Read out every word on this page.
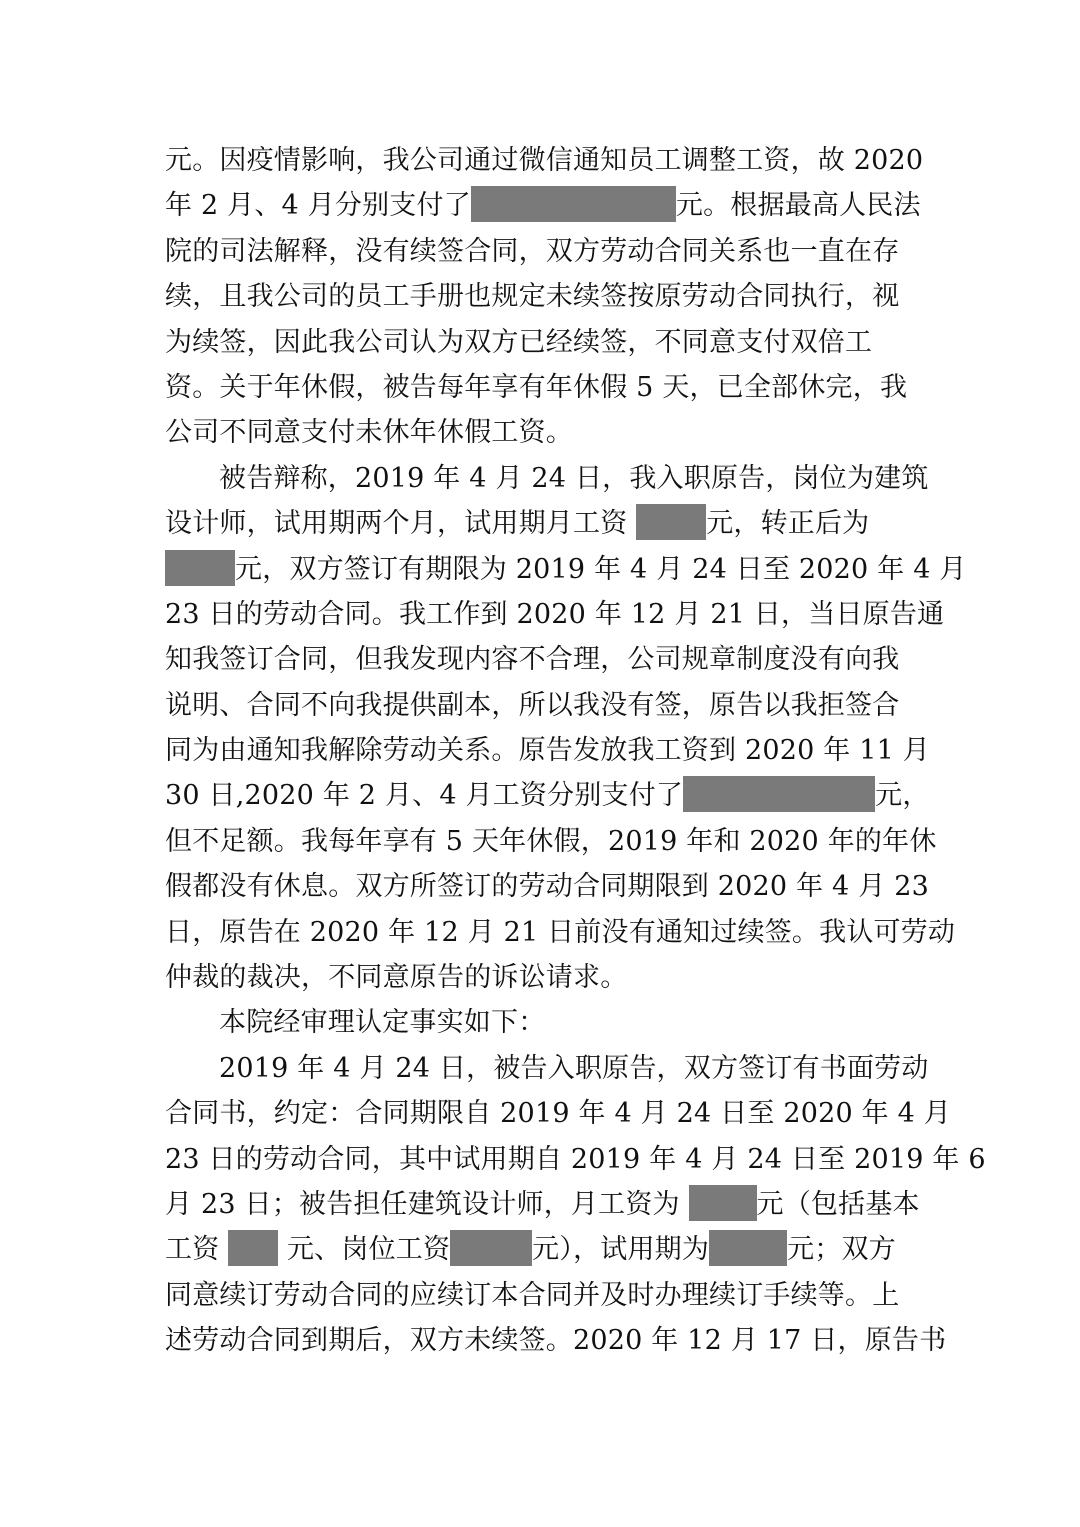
元。因疫情影响，我公司通过微信通知员工调整工资，故 2020
年 2 月、4 月分别支付了	元。根据最高人民法
院的司法解释，没有续签合同，双方劳动合同关系也一直在存
续，且我公司的员工手册也规定未续签按原劳动合同执行，视
为续签，因此我公司认为双方已经续签，不同意支付双倍工
资。关于年休假，被告每年享有年休假 5 天，已全部休完，我
公司不同意支付未休年休假工资。
被告辩称，2019 年 4 月 24 日，我入职原告，岗位为建筑
设计师，试用期两个月，试用期月工资	元，转正后为
元，双方签订有期限为 2019 年 4 月 24 日至 2020 年 4 月
23 日的劳动合同。我工作到 2020 年 12 月 21 日，当日原告通
知我签订合同，但我发现内容不合理，公司规章制度没有向我
说明、合同不向我提供副本，所以我没有签，原告以我拒签合
同为由通知我解除劳动关系。原告发放我工资到 2020 年 11 月
30 日,2020 年 2 月、4 月工资分别支付了	元，
但不足额。我每年享有 5 天年休假，2019 年和 2020 年的年休
假都没有休息。双方所签订的劳动合同期限到 2020 年 4 月 23
日，原告在 2020 年 12 月 21 日前没有通知过续签。我认可劳动
仲裁的裁决，不同意原告的诉讼请求。
本院经审理认定事实如下：
2019 年 4 月 24 日，被告入职原告，双方签订有书面劳动
合同书，约定：合同期限自 2019 年 4 月 24 日至 2020 年 4 月
23 日的劳动合同，其中试用期自 2019 年 4 月 24 日至 2019 年 6
月 23 日；被告担任建筑设计师，月工资为	元（包括基本
工资  元、岗位工资	元），试用期为	元；双方
同意续订劳动合同的应续订本合同并及时办理续订手续等。上
述劳动合同到期后，双方未续签。2020 年 12 月 17 日，原告书
